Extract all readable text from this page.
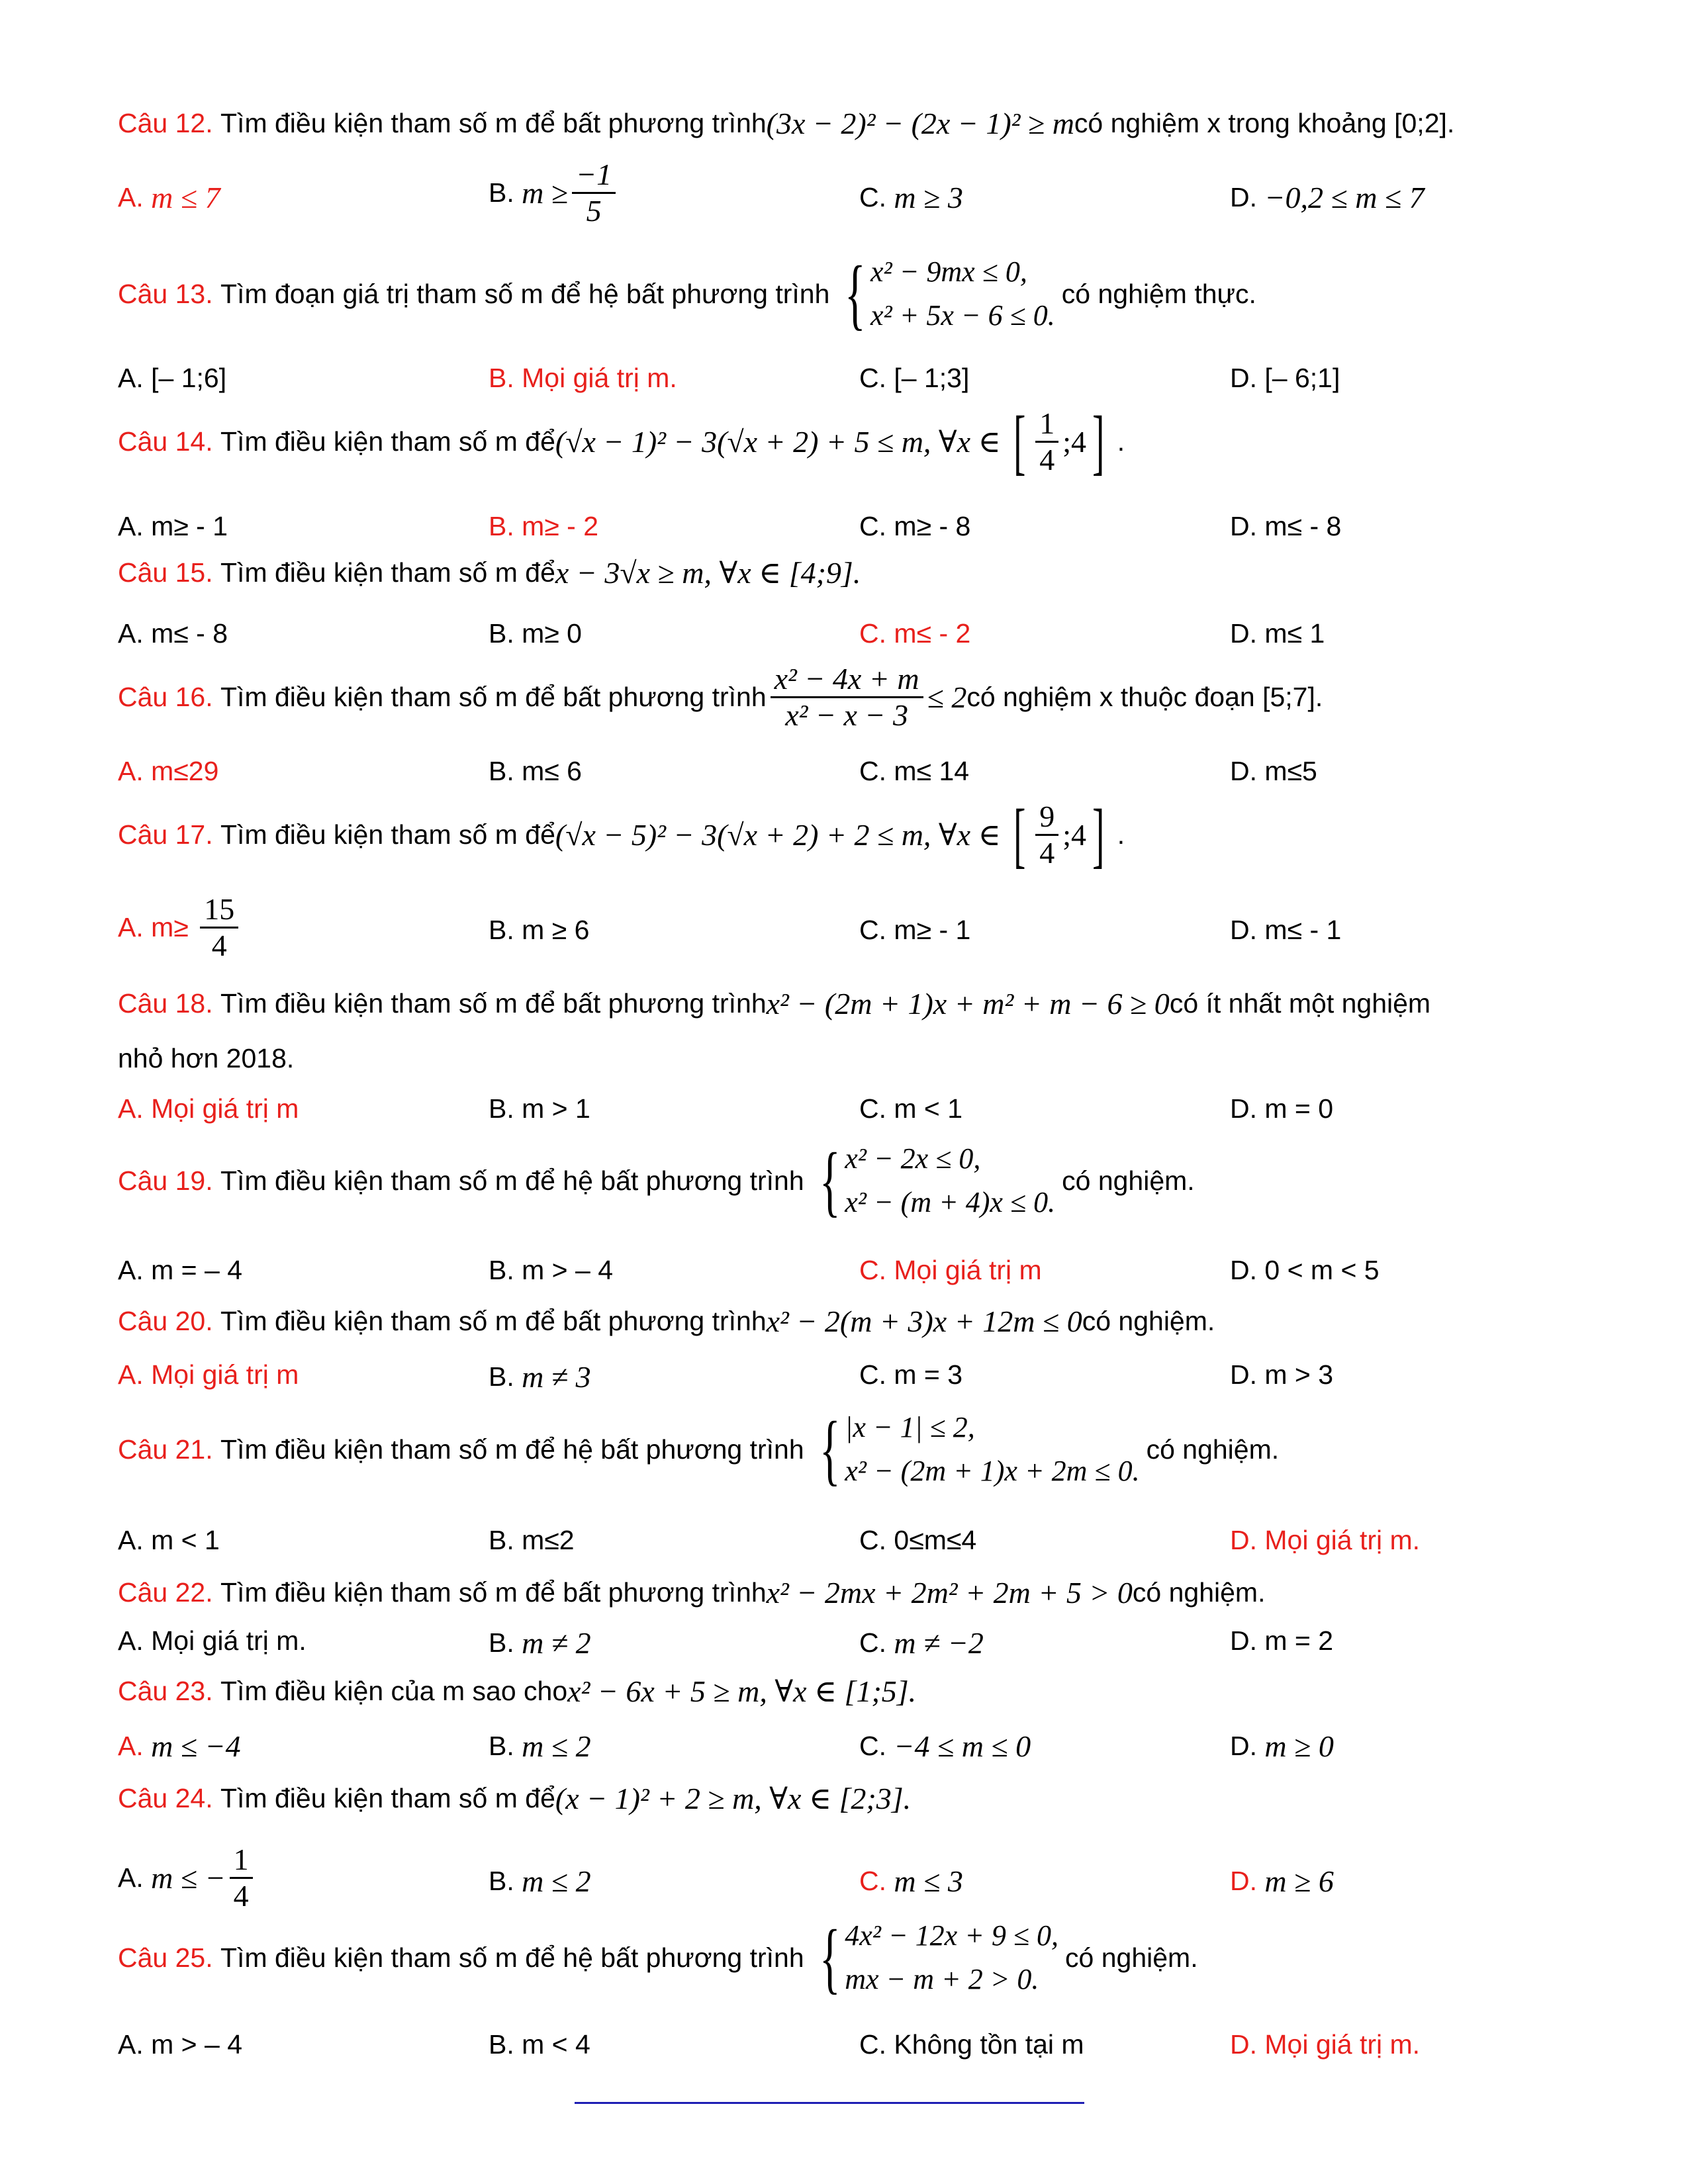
Câu 12.
Tìm điều kiện tham số m để bất phương trình (3x − 2)² − (2x − 1)² ≥ m có nghiệm x trong khoảng [0;2].
A.
m ≤ 7	B.
$m \ge \frac{-1}{5}$	C.
m ≥ 3	D.
−0,2 ≤ m ≤ 7
Câu 13.
Tìm đoạn giá trị tham số m để hệ bất phương trình { x² − 9mx ≤ 0,
x² + 5x − 6 ≤ 0.
có nghiệm thực.
A. [– 1;6]	B. Mọi giá trị m.	C. [– 1;3]	D. [– 6;1]
Câu 14.
Tìm điều kiện tham số m để (√x − 1)² − 3(√x + 2) + 5 ≤ m, ∀x ∈ [ $\frac{1}{4}$ ;4 ] .
A. m≥ - 1	B. m≥ - 2	C. m≥ - 8	D. m≤ - 8
Câu 15.
Tìm điều kiện tham số m để x − 3√x ≥ m, ∀x ∈ [4;9].
A. m≤ - 8	B. m≥ 0	C. m≤ - 2	D. m≤ 1
Câu 16.
Tìm điều kiện tham số m để bất phương trình $\frac{\text{x² − 4x + m}}{\text{x² − x − 3}} \le 2$ có nghiệm x thuộc đoạn [5;7].
A. m≤29	B. m≤ 6	C. m≤ 14	D. m≤5
Câu 17.
Tìm điều kiện tham số m để (√x − 5)² − 3(√x + 2) + 2 ≤ m, ∀x ∈ [ $\frac{9}{4}$ ;4 ] .
A. m≥
$\frac{15}{4}$	B. m ≥ 6	C. m≥ - 1	D. m≤ - 1
Câu 18.
Tìm điều kiện tham số m để bất phương trình x² − (2m + 1)x + m² + m − 6 ≥ 0 có ít nhất một nghiệm
nhỏ hơn 2018.
A. Mọi giá trị m	B. m > 1	C. m < 1	D. m = 0
Câu 19.
Tìm điều kiện tham số m để hệ bất phương trình { x² − 2x ≤ 0,
x² − (m + 4)x ≤ 0.
có nghiệm.
A. m = – 4	B. m > – 4	C. Mọi giá trị m	D. 0 < m < 5
Câu 20.
Tìm điều kiện tham số m để bất phương trình x² − 2(m + 3)x + 12m ≤ 0 có nghiệm.
A. Mọi giá trị m	B.
m ≠ 3	C. m = 3	D. m > 3
Câu 21.
Tìm điều kiện tham số m để hệ bất phương trình { |x − 1| ≤ 2,
x² − (2m + 1)x + 2m ≤ 0.
có nghiệm.
A. m < 1	B. m≤2	C. 0≤m≤4	D. Mọi giá trị m.
Câu 22.
Tìm điều kiện tham số m để bất phương trình x² − 2mx + 2m² + 2m + 5 > 0 có nghiệm.
A. Mọi giá trị m.	B.
m ≠ 2	C.
m ≠ −2	D. m = 2
Câu 23.
Tìm điều kiện của m sao cho x² − 6x + 5 ≥ m, ∀x ∈ [1;5].
A.
m ≤ −4	B.
m ≤ 2	C.
−4 ≤ m ≤ 0	D.
m ≥ 0
Câu 24.
Tìm điều kiện tham số m để (x − 1)² + 2 ≥ m, ∀x ∈ [2;3].
A.
m ≤ − $\frac{1}{4}$	B.
m ≤ 2	C.
m ≤ 3	D.
m ≥ 6
Câu 25.
Tìm điều kiện tham số m để hệ bất phương trình { 4x² − 12x + 9 ≤ 0,
mx − m + 2 > 0.
có nghiệm.
A. m > – 4	B. m < 4	C. Không tồn tại m	D. Mọi giá trị m.
